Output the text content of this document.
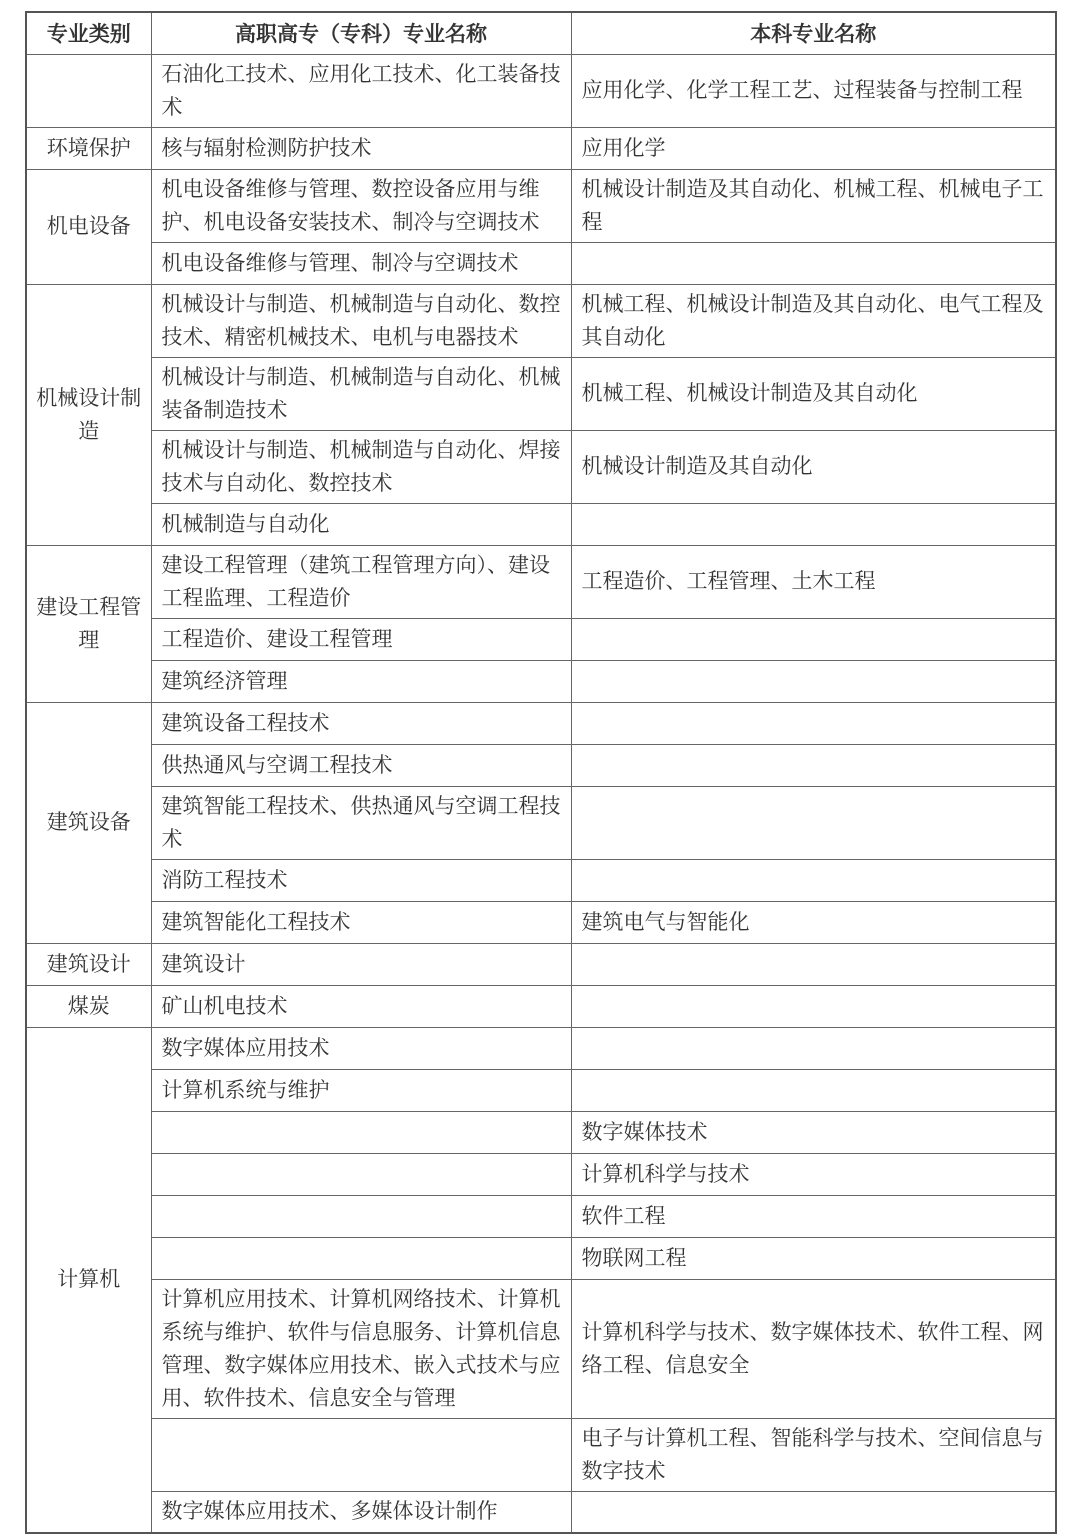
专业类别	高职高专（专科）专业名称	本科专业名称
	石油化工技术、应用化工技术、化工装备技术	应用化学、化学工程工艺、过程装备与控制工程
环境保护	核与辐射检测防护技术	应用化学
机电设备	机电设备维修与管理、数控设备应用与维护、机电设备安装技术、制冷与空调技术	机械设计制造及其自动化、机械工程、机械电子工程
	机电设备维修与管理、制冷与空调技术	
机械设计制造	机械设计与制造、机械制造与自动化、数控技术、精密机械技术、电机与电器技术	机械工程、机械设计制造及其自动化、电气工程及其自动化
	机械设计与制造、机械制造与自动化、机械装备制造技术	机械工程、机械设计制造及其自动化
	机械设计与制造、机械制造与自动化、焊接技术与自动化、数控技术	机械设计制造及其自动化
	机械制造与自动化	
建设工程管理	建设工程管理（建筑工程管理方向）、建设工程监理、工程造价	工程造价、工程管理、土木工程
	工程造价、建设工程管理	
	建筑经济管理	
建筑设备	建筑设备工程技术	
	供热通风与空调工程技术	
	建筑智能工程技术、供热通风与空调工程技术	
	消防工程技术	
	建筑智能化工程技术	建筑电气与智能化
建筑设计	建筑设计	
煤炭	矿山机电技术	
计算机	数字媒体应用技术	
	计算机系统与维护	
		数字媒体技术
		计算机科学与技术
		软件工程
		物联网工程
	计算机应用技术、计算机网络技术、计算机系统与维护、软件与信息服务、计算机信息管理、数字媒体应用技术、嵌入式技术与应用、软件技术、信息安全与管理	计算机科学与技术、数字媒体技术、软件工程、网络工程、信息安全
		电子与计算机工程、智能科学与技术、空间信息与数字技术
	数字媒体应用技术、多媒体设计制作	
